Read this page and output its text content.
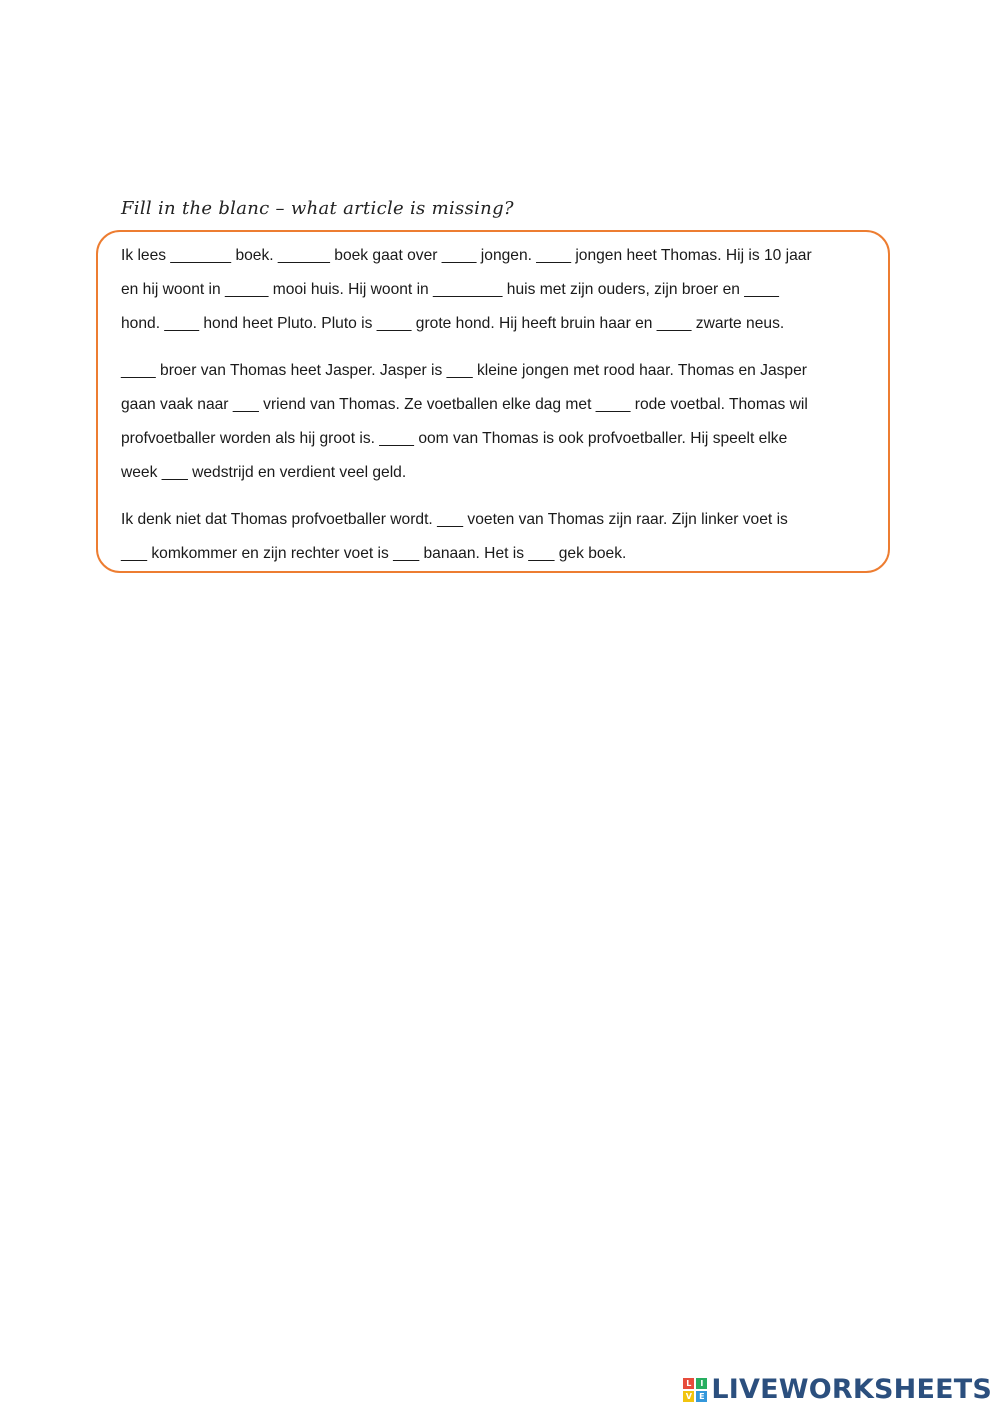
Fill in the blanc – what article is missing?
Ik lees _______ boek. ______ boek gaat over ____ jongen. ____ jongen heet Thomas. Hij is 10 jaar
en hij woont in _____ mooi huis. Hij woont in ________ huis met zijn ouders, zijn broer en ____
hond. ____ hond heet Pluto. Pluto is ____ grote hond. Hij heeft bruin haar en ____ zwarte neus.
____ broer van Thomas heet Jasper. Jasper is ___ kleine jongen met rood haar. Thomas en Jasper
gaan vaak naar ___ vriend van Thomas. Ze voetballen elke dag met ____ rode voetbal. Thomas wil
profvoetballer worden als hij groot is. ____ oom van Thomas is ook profvoetballer. Hij speelt elke
week ___ wedstrijd en verdient veel geld.
Ik denk niet dat Thomas profvoetballer wordt. ___ voeten van Thomas zijn raar. Zijn linker voet is
___ komkommer en zijn rechter voet is ___ banaan. Het is ___ gek boek.
L	I
V E LIVEWORKSHEETS
